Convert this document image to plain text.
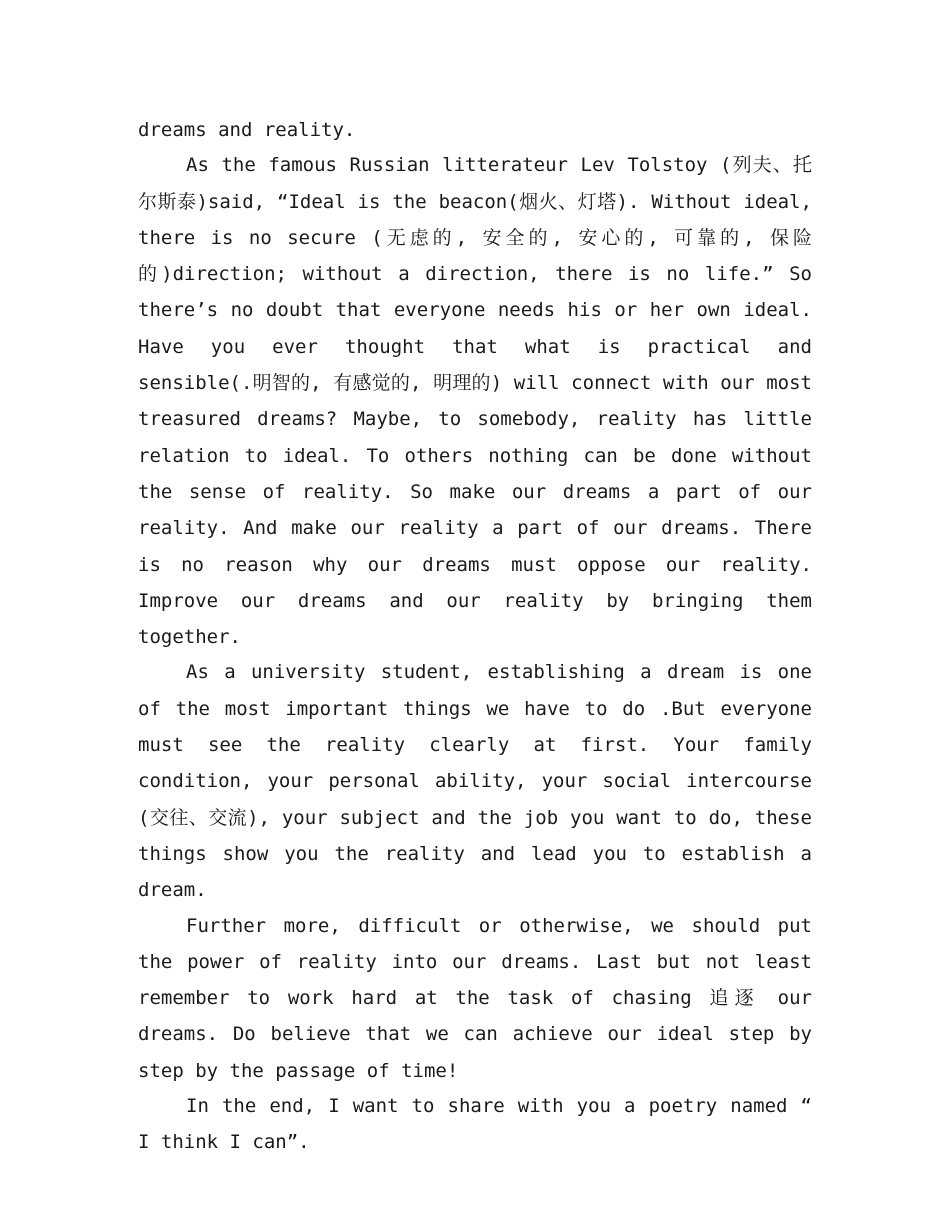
dreams and reality.

As the famous Russian litterateur Lev Tolstoy (列夫、托尔斯泰)said, “Ideal is the beacon(烟火、灯塔). Without ideal, there is no secure (无虑的, 安全的, 安心的, 可靠的, 保险的)direction; without a direction, there is no life.” So there’s no doubt that everyone needs his or her own ideal. Have you ever thought that what is practical and sensible(.明智的, 有感觉的, 明理的) will connect with our most treasured dreams? Maybe, to somebody, reality has little relation to ideal. To others nothing can be done without the sense of reality. So make our dreams a part of our reality. And make our reality a part of our dreams. There is no reason why our dreams must oppose our reality. Improve our dreams and our reality by bringing them together.

As a university student, establishing a dream is one of the most important things we have to do .But everyone must see the reality clearly at first. Your family condition, your personal ability, your social intercourse (交往、交流), your subject and the job you want to do, these things show you the reality and lead you to establish a dream.

Further more, difficult or otherwise, we should put the power of reality into our dreams. Last but not least remember to work hard at the task of chasing 追逐 our dreams. Do believe that we can achieve our ideal step by step by the passage of time!

In the end, I want to share with you a poetry named “ I think I can”.
